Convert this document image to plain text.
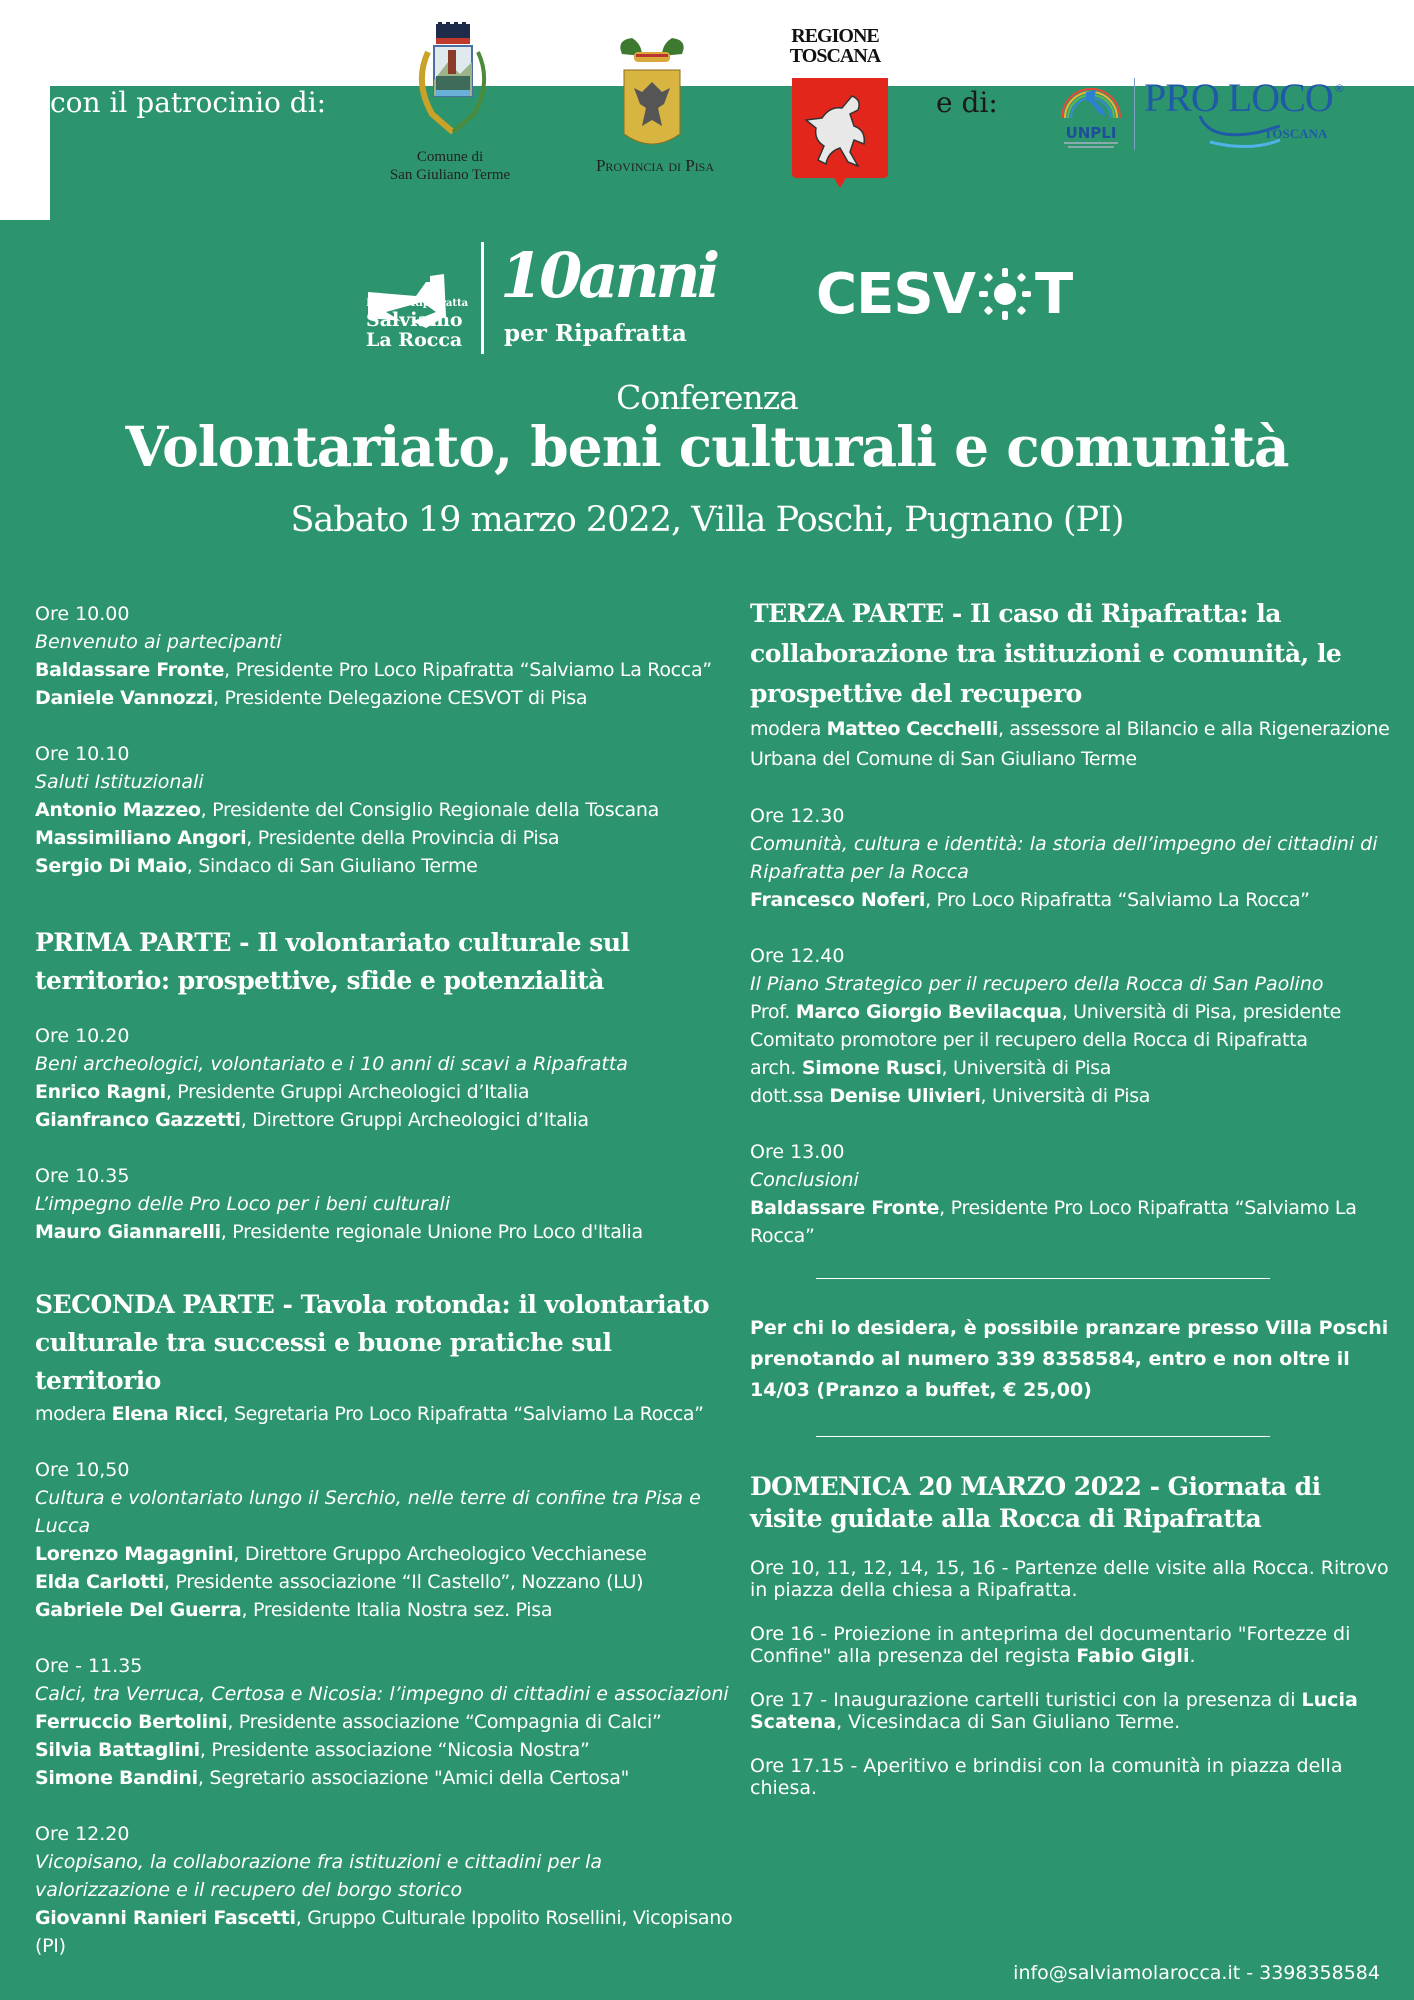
con il patrocinio di:
Comune di
San Giuliano Terme	Provincia di Pisa
REGIONE
TOSCANA
e di:
UNPLI
PRO LOCO ®
TOSCANA
Pro loco Ripafratta
Salviamo
La Rocca
10anni
per Ripafratta
CESV T
Conferenza
Volontariato, beni culturali e comunità
Sabato 19 marzo 2022, Villa Poschi, Pugnano (PI)
Ore 10.00
Benvenuto ai partecipanti
Baldassare Fronte, Presidente Pro Loco Ripafratta “Salviamo La Rocca”
Daniele Vannozzi, Presidente Delegazione CESVOT di Pisa
Ore 10.10
Saluti Istituzionali
Antonio Mazzeo, Presidente del Consiglio Regionale della Toscana
Massimiliano Angori, Presidente della Provincia di Pisa
Sergio Di Maio, Sindaco di San Giuliano Terme
PRIMA PARTE - Il volontariato culturale sul territorio: prospettive, sfide e potenzialità
Ore 10.20
Beni archeologici, volontariato e i 10 anni di scavi a Ripafratta
Enrico Ragni, Presidente Gruppi Archeologici d’Italia
Gianfranco Gazzetti, Direttore Gruppi Archeologici d’Italia
Ore 10.35
L’impegno delle Pro Loco per i beni culturali
Mauro Giannarelli, Presidente regionale Unione Pro Loco d'Italia
SECONDA PARTE - Tavola rotonda: il volontariato culturale tra successi e buone pratiche sul territorio
modera Elena Ricci, Segretaria Pro Loco Ripafratta “Salviamo La Rocca”
Ore 10,50
Cultura e volontariato lungo il Serchio, nelle terre di confine tra Pisa e Lucca
Lorenzo Magagnini, Direttore Gruppo Archeologico Vecchianese
Elda Carlotti, Presidente associazione “Il Castello”, Nozzano (LU)
Gabriele Del Guerra, Presidente Italia Nostra sez. Pisa
Ore - 11.35
Calci, tra Verruca, Certosa e Nicosia: l’impegno di cittadini e associazioni
Ferruccio Bertolini, Presidente associazione “Compagnia di Calci”
Silvia Battaglini, Presidente associazione “Nicosia Nostra”
Simone Bandini, Segretario associazione "Amici della Certosa"
Ore 12.20
Vicopisano, la collaborazione fra istituzioni e cittadini per la valorizzazione e il recupero del borgo storico
Giovanni Ranieri Fascetti, Gruppo Culturale Ippolito Rosellini, Vicopisano (PI)
TERZA PARTE - Il caso di Ripafratta: la collaborazione tra istituzioni e comunità, le prospettive del recupero
modera Matteo Cecchelli, assessore al Bilancio e alla Rigenerazione Urbana del Comune di San Giuliano Terme
Ore 12.30
Comunità, cultura e identità: la storia dell’impegno dei cittadini di Ripafratta per la Rocca
Francesco Noferi, Pro Loco Ripafratta “Salviamo La Rocca”
Ore 12.40
Il Piano Strategico per il recupero della Rocca di San Paolino
Prof. Marco Giorgio Bevilacqua, Università di Pisa, presidente Comitato promotore per il recupero della Rocca di Ripafratta
arch. Simone Rusci, Università di Pisa
dott.ssa Denise Ulivieri, Università di Pisa
Ore 13.00
Conclusioni
Baldassare Fronte, Presidente Pro Loco Ripafratta “Salviamo La Rocca”
Per chi lo desidera, è possibile pranzare presso Villa Poschi prenotando al numero 339 8358584, entro e non oltre il 14/03 (Pranzo a buffet, € 25,00)
DOMENICA 20 MARZO 2022 - Giornata di visite guidate alla Rocca di Ripafratta
Ore 10, 11, 12, 14, 15, 16 - Partenze delle visite alla Rocca. Ritrovo in piazza della chiesa a Ripafratta.
Ore 16 - Proiezione in anteprima del documentario "Fortezze di Confine" alla presenza del regista Fabio Gigli.
Ore 17 - Inaugurazione cartelli turistici con la presenza di Lucia Scatena, Vicesindaca di San Giuliano Terme.
Ore 17.15 - Aperitivo e brindisi con la comunità in piazza della chiesa.
info@salviamolarocca.it - 3398358584
